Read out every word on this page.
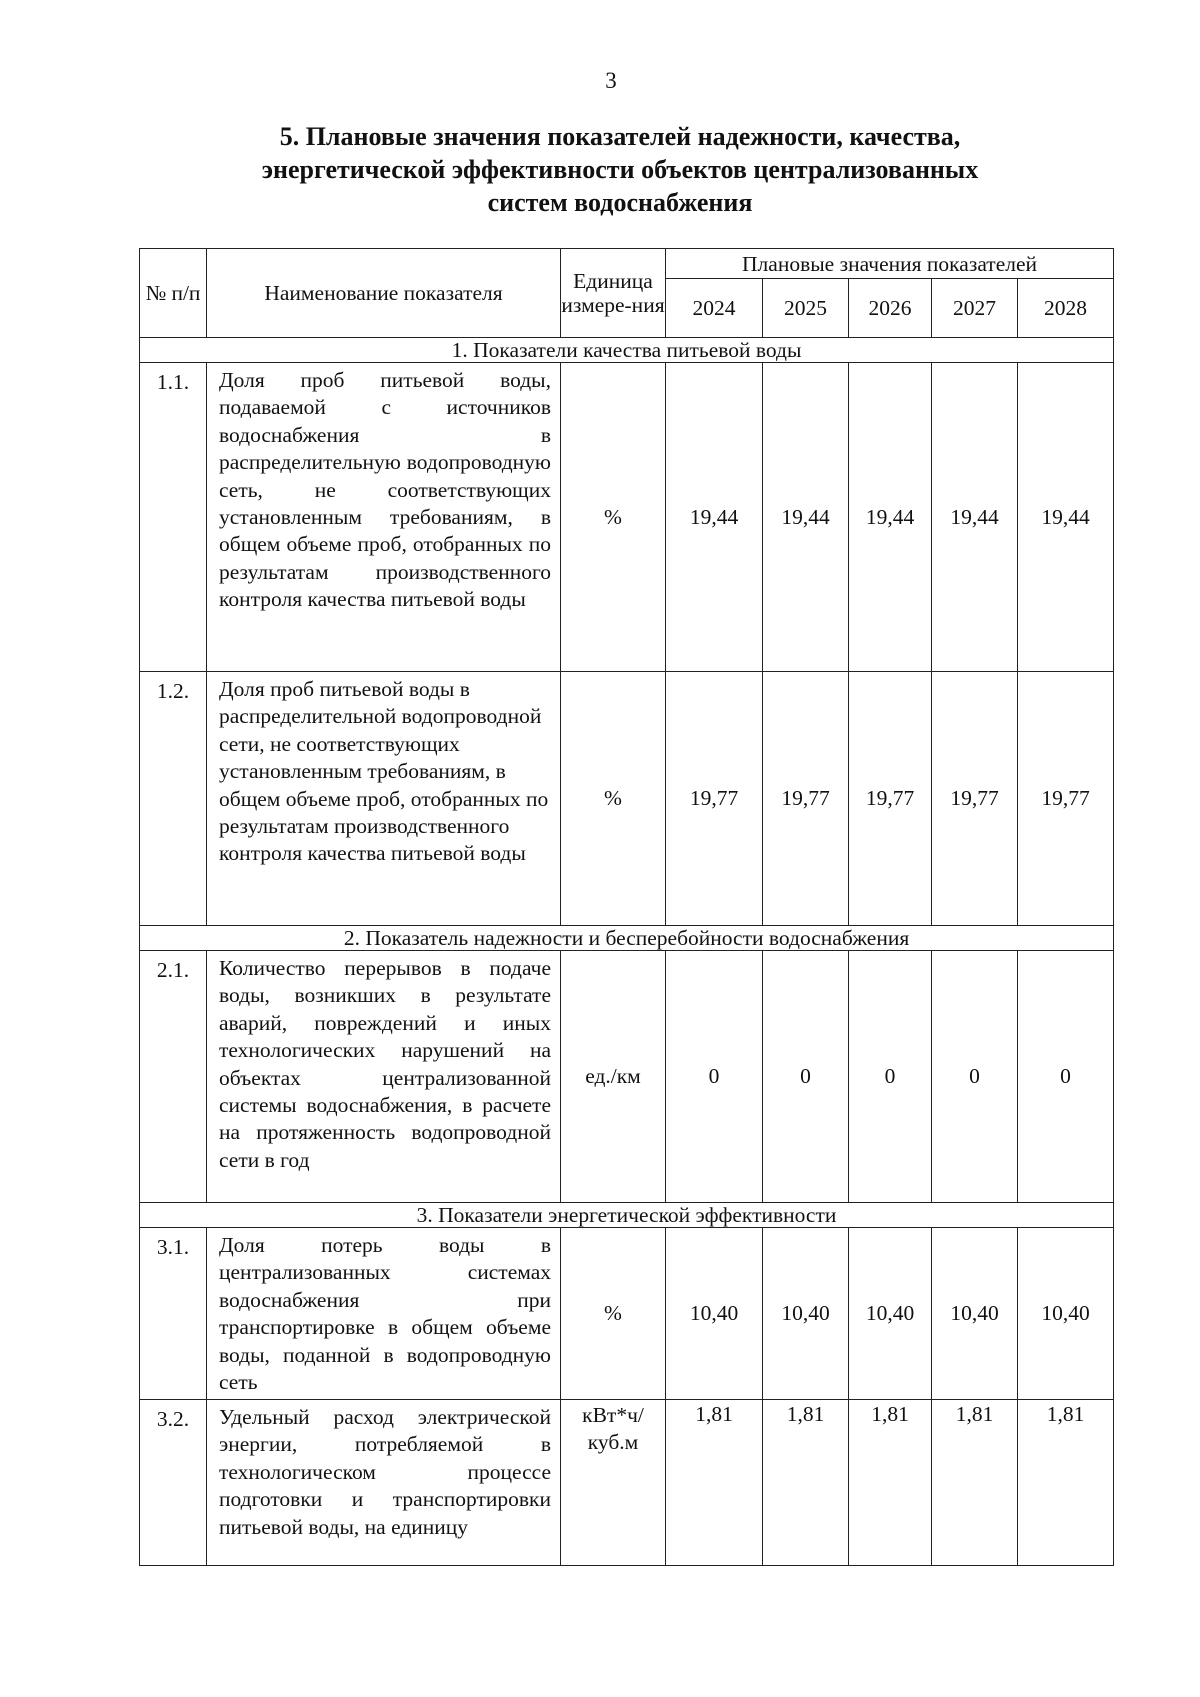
3
5. Плановые значения показателей надежности, качества,
энергетической эффективности объектов централизованных
систем водоснабжения
№ п/п	Наименование показателя	Единица измере-ния	Плановые значения показателей				
			2024	2025	2026	2027	2028
1. Показатели качества питьевой воды							
1.1.	Доля проб питьевой воды, подаваемой с источников водоснабжения в распределительную водопроводную сеть, не соответствующих установленным требованиям, в общем объеме проб, отобранных по результатам производственного контроля качества питьевой воды	%	19,44	19,44	19,44	19,44	19,44
1.2.	Доля проб питьевой воды в распределительной водопроводной сети, не соответствующих установленным требованиям, в общем объеме проб, отобранных по результатам производственного контроля качества питьевой воды	%	19,77	19,77	19,77	19,77	19,77
2. Показатель надежности и бесперебойности водоснабжения							
2.1.	Количество перерывов в подаче воды, возникших в результате аварий, повреждений и иных технологических нарушений на объектах централизованной системы водоснабжения, в расчете на протяженность водопроводной сети в год	ед./км	0	0	0	0	0
3. Показатели энергетической эффективности							
3.1.	Доля потерь воды в централизованных системах водоснабжения при транспортировке в общем объеме воды, поданной в водопроводную сеть	%	10,40	10,40	10,40	10,40	10,40
3.2.	Удельный расход электрической энергии, потребляемой в технологическом процессе подготовки и транспортировки питьевой воды, на единицу	кВт*ч/ куб.м	1,81	1,81	1,81	1,81	1,81
